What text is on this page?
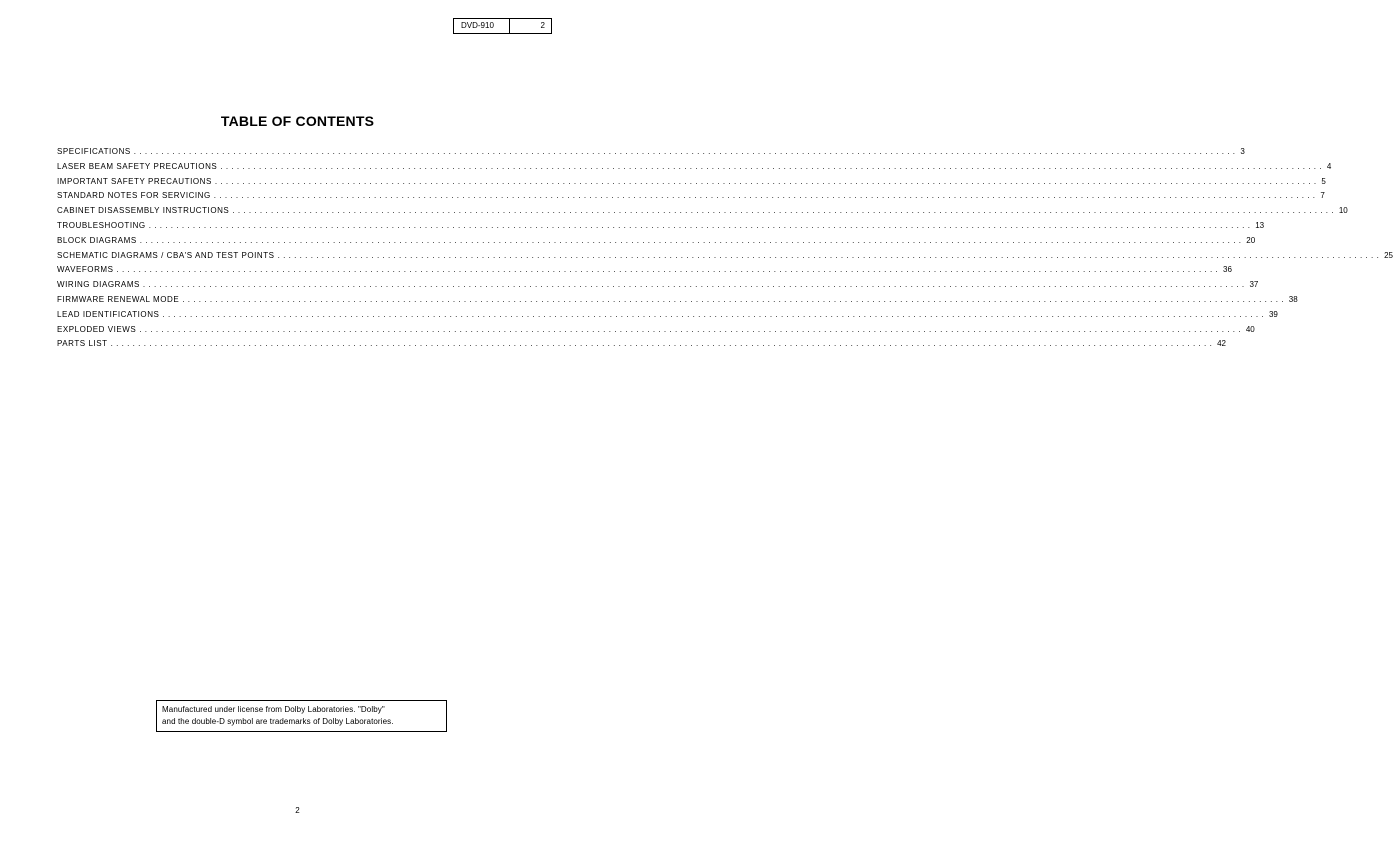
DVD-910	2
TABLE OF CONTENTS
SPECIFICATIONS ........................................................................................................................................................................................................ 3
LASER BEAM SAFETY PRECAUTIONS ........................................................................................................................................................................................................ 4
IMPORTANT SAFETY PRECAUTIONS ........................................................................................................................................................................................................ 5
STANDARD NOTES FOR SERVICING ........................................................................................................................................................................................................ 7
CABINET DISASSEMBLY INSTRUCTIONS ........................................................................................................................................................................................................ 10
TROUBLESHOOTING ........................................................................................................................................................................................................ 13
BLOCK DIAGRAMS ........................................................................................................................................................................................................ 20
SCHEMATIC DIAGRAMS / CBA'S AND TEST POINTS ........................................................................................................................................................................................................ 25
WAVEFORMS ........................................................................................................................................................................................................ 36
WIRING DIAGRAMS ........................................................................................................................................................................................................ 37
FIRMWARE RENEWAL MODE ........................................................................................................................................................................................................ 38
LEAD IDENTIFICATIONS ........................................................................................................................................................................................................ 39
EXPLODED VIEWS ........................................................................................................................................................................................................ 40
PARTS LIST ........................................................................................................................................................................................................ 42
Manufactured under license from Dolby Laboratories. "Dolby"
and the double-D symbol are trademarks of Dolby Laboratories.
2
